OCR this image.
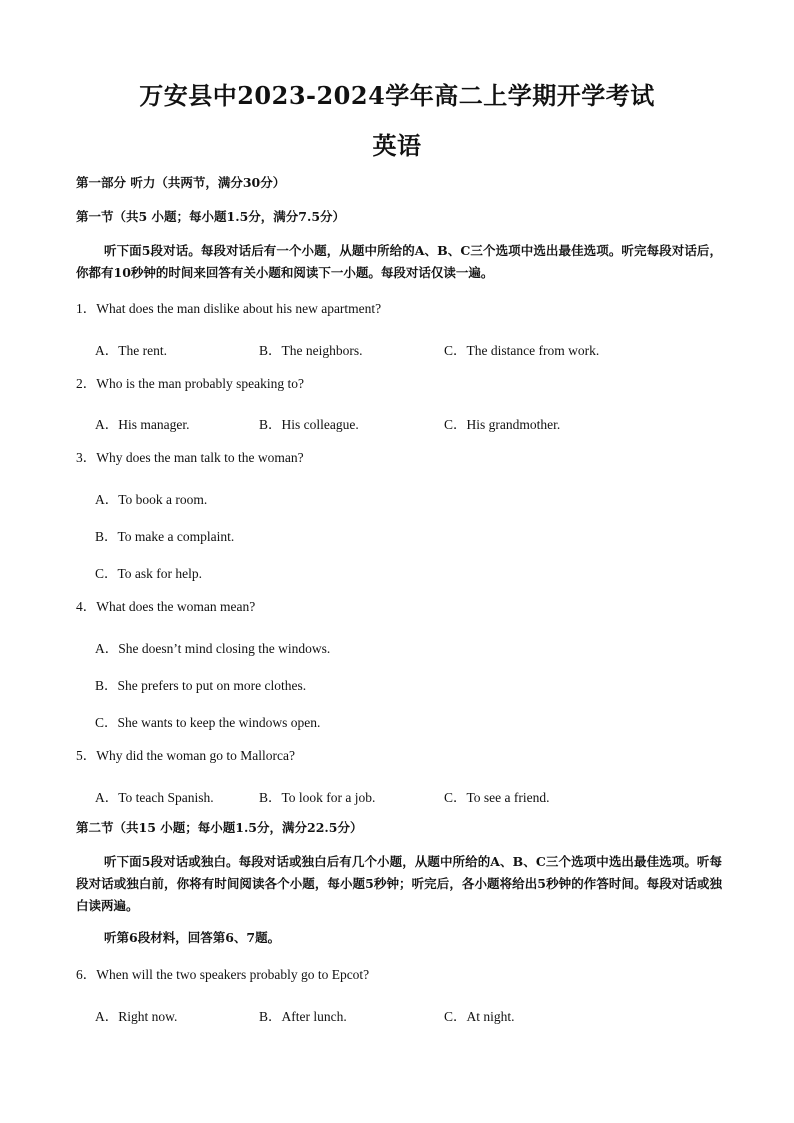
万安县中2023-2024学年高二上学期开学考试
英语
第一部分 听力（共两节，满分30分）
第一节（共5 小题；每小题1.5分，满分7.5分）
听下面5段对话。每段对话后有一个小题，从题中所给的A、B、C三个选项中选出最佳选项。听完每段对话后，你都有10秒钟的时间来回答有关小题和阅读下一小题。每段对话仅读一遍。
1．What does the man dislike about his new apartment?
A．The rent.	B．The neighbors.	C．The distance from work.
2．Who is the man probably speaking to?
A．His manager.	B．His colleague.	C．His grandmother.
3．Why does the man talk to the woman?
A．To book a room.
B．To make a complaint.
C．To ask for help.
4．What does the woman mean?
A．She doesn’t mind closing the windows.
B．She prefers to put on more clothes.
C．She wants to keep the windows open.
5．Why did the woman go to Mallorca?
A．To teach Spanish.	B．To look for a job.	C．To see a friend.
第二节（共15 小题；每小题1.5分，满分22.5分）
听下面5段对话或独白。每段对话或独白后有几个小题，从题中所给的A、B、C三个选项中选出最佳选项。听每段对话或独白前，你将有时间阅读各个小题，每小题5秒钟；听完后，各小题将给出5秒钟的作答时间。每段对话或独白读两遍。
听第6段材料，回答第6、7题。
6．When will the two speakers probably go to Epcot?
A．Right now.	B．After lunch.	C．At night.
